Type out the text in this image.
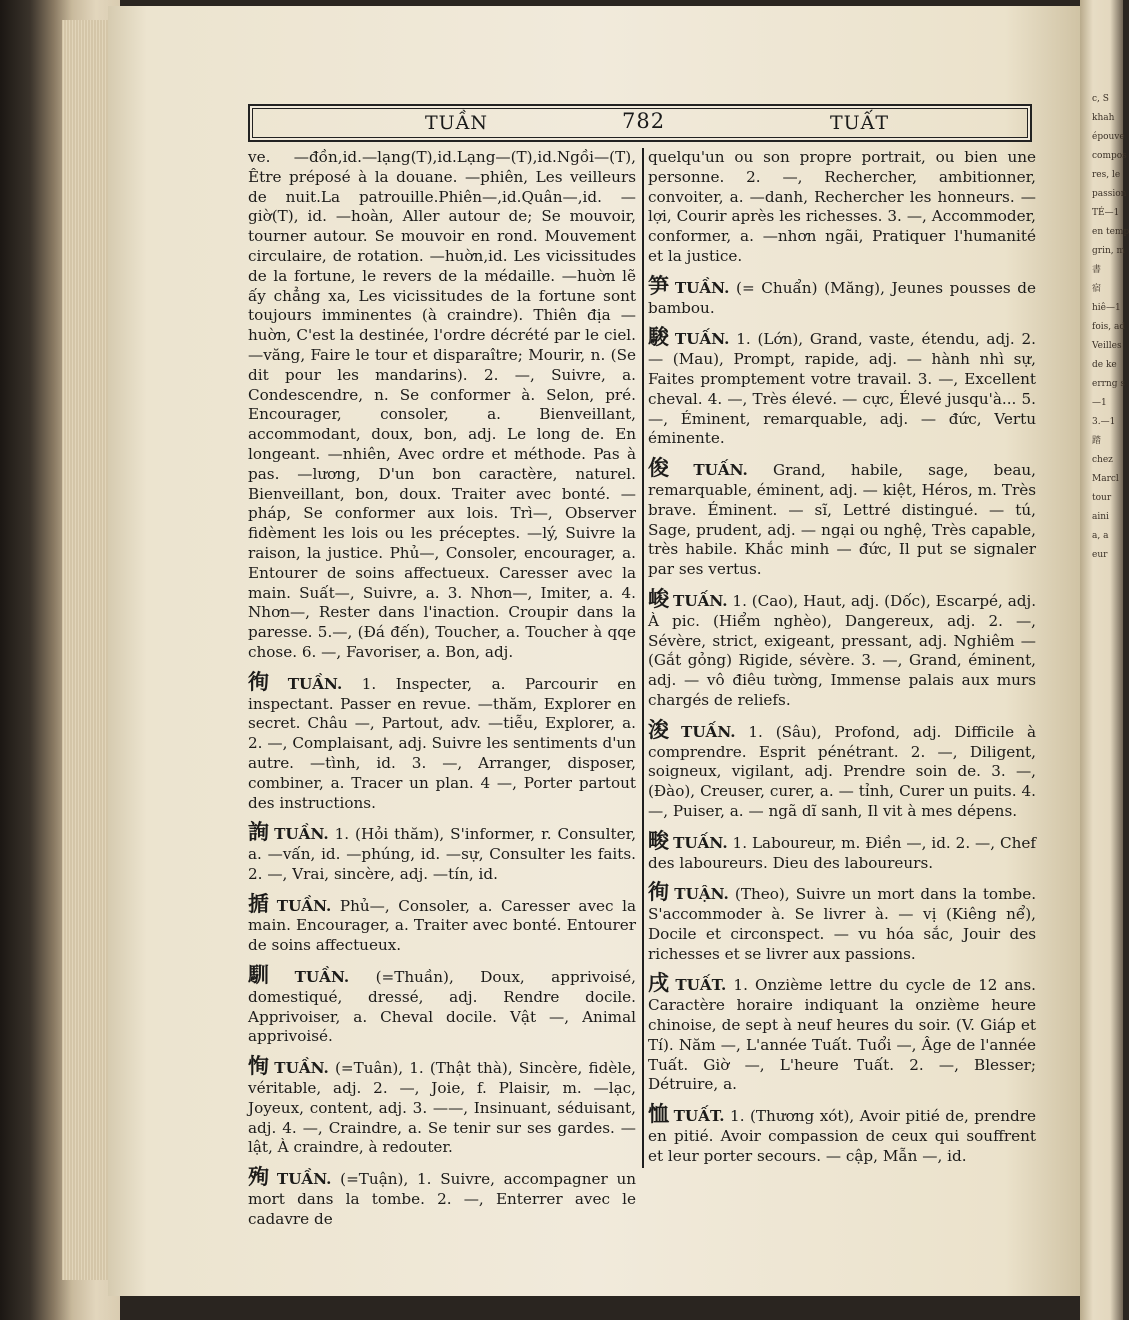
c, S
khah
épouve
compos
res, le
passion
TÉ—1
en temp
grin, m
書
宿
hiê—1
fois, ad
Veilles
de ke
errng s
—1
3.—1
踏
chez
Marcl
tour
aini
a, a
eur
TUẦN	782	TUẤT

ve. —đồn,id.—lạng(T),id.Lạng—(T),id.Ngồi—(T), Être préposé à la douane. —phiên, Les veilleurs de nuit.La patrouille.Phiên—,id.Quân—,id. —giờ(T), id. —hoàn, Aller autour de; Se mouvoir, tourner autour. Se mouvoir en rond. Mouvement circulaire, de rotation. —huờn,id. Les vicissitudes de la fortune, le revers de la médaille. —huờn lẽ ấy chẳng xa, Les vicissitudes de la fortune sont toujours imminentes (à craindre). Thiên địa —huờn, C'est la destinée, l'ordre décrété par le ciel. —văng, Faire le tour et disparaître; Mourir, n. (Se dit pour les mandarins). 2. —, Suivre, a. Condescendre, n. Se conformer à. Selon, pré. Encourager, consoler, a. Bienveillant, accommodant, doux, bon, adj. Le long de. En longeant. —nhiên, Avec ordre et méthode. Pas à pas. —lương, D'un bon caractère, naturel. Bienveillant, bon, doux. Traiter avec bonté. —pháp, Se conformer aux lois. Trì—, Observer fidèment les lois ou les préceptes. —lý, Suivre la raison, la justice. Phủ—, Consoler, encourager, a. Entourer de soins affectueux. Caresser avec la main. Suất—, Suivre, a. 3. Nhơn—, Imiter, a. 4. Nhơn—, Rester dans l'inaction. Croupir dans la paresse. 5.—, (Đá đến), Toucher, a. Toucher à qqe chose. 6. —, Favoriser, a. Bon, adj.

徇 TUẦN. 1. Inspecter, a. Parcourir en inspectant. Passer en revue. —thăm, Explorer en secret. Châu —, Partout, adv. —tiễu, Explorer, a. 2. —, Complaisant, adj. Suivre les sentiments d'un autre. —tình, id. 3. —, Arranger, disposer, combiner, a. Tracer un plan. 4 —, Porter partout des instructions.

詢 TUẦN. 1. (Hỏi thăm), S'informer, r. Consulter, a. —vấn, id. —phúng, id. —sự, Consulter les faits. 2. —, Vrai, sincère, adj. —tín, id.

揗 TUẦN. Phủ—, Consoler, a. Caresser avec la main. Encourager, a. Traiter avec bonté. Entourer de soins affectueux.

馴 TUẦN. (=Thuần), Doux, apprivoisé, domestiqué, dressé, adj. Rendre docile. Apprivoiser, a. Cheval docile. Vật —, Animal apprivoisé.

恂 TUẦN. (=Tuân), 1. (Thật thà), Sincère, fidèle, véritable, adj. 2. —, Joie, f. Plaisir, m. —lạc, Joyeux, content, adj. 3. ——, Insinuant, séduisant, adj. 4. —, Craindre, a. Se tenir sur ses gardes. —lật, À craindre, à redouter.

殉 TUẦN. (=Tuận), 1. Suivre, accompagner un mort dans la tombe. 2. —, Enterrer avec le cadavre de

quelqu'un ou son propre portrait, ou bien une personne. 2. —, Rechercher, ambitionner, convoiter, a. —danh, Rechercher les honneurs. —lợi, Courir après les richesses. 3. —, Accommoder, conformer, a. —nhơn ngãi, Pratiquer l'humanité et la justice.

笋 TUẦN. (= Chuẩn) (Măng), Jeunes pousses de bambou.

駿 TUẤN. 1. (Lớn), Grand, vaste, étendu, adj. 2. — (Mau), Prompt, rapide, adj. — hành nhì sự, Faites promptement votre travail. 3. —, Excellent cheval. 4. —, Très élevé. — cực, Élevé jusqu'à... 5. —, Éminent, remarquable, adj. — đức, Vertu éminente.

俊 TUẤN. Grand, habile, sage, beau, remarquable, éminent, adj. — kiệt, Héros, m. Très brave. Éminent. — sĩ, Lettré distingué. — tú, Sage, prudent, adj. — ngại ou nghệ, Très capable, très habile. Khắc minh — đức, Il put se signaler par ses vertus.

峻 TUẤN. 1. (Cao), Haut, adj. (Dốc), Escarpé, adj. À pic. (Hiểm nghèo), Dangereux, adj. 2. —, Sévère, strict, exigeant, pressant, adj. Nghiêm — (Gắt gỏng) Rigide, sévère. 3. —, Grand, éminent, adj. — vô điêu tường, Immense palais aux murs chargés de reliefs.

浚 TUẤN. 1. (Sâu), Profond, adj. Difficile à comprendre. Esprit pénétrant. 2. —, Diligent, soigneux, vigilant, adj. Prendre soin de. 3. —, (Đào), Creuser, curer, a. — tỉnh, Curer un puits. 4. —, Puiser, a. — ngã dĩ sanh, Il vit à mes dépens.

畯 TUẤN. 1. Laboureur, m. Điền —, id. 2. —, Chef des laboureurs. Dieu des laboureurs.

徇 TUẬN. (Theo), Suivre un mort dans la tombe. S'accommoder à. Se livrer à. — vị (Kiêng nể), Docile et circonspect. — vu hóa sắc, Jouir des richesses et se livrer aux passions.

戌 TUẤT. 1. Onzième lettre du cycle de 12 ans. Caractère horaire indiquant la onzième heure chinoise, de sept à neuf heures du soir. (V. Giáp et Tí). Năm —, L'année Tuất. Tuổi —, Âge de l'année Tuất. Giờ —, L'heure Tuất. 2. —, Blesser; Détruire, a.

恤 TUẤT. 1. (Thương xót), Avoir pitié de, prendre en pitié. Avoir compassion de ceux qui souffrent et leur porter secours. — cập, Mẫn —, id.
